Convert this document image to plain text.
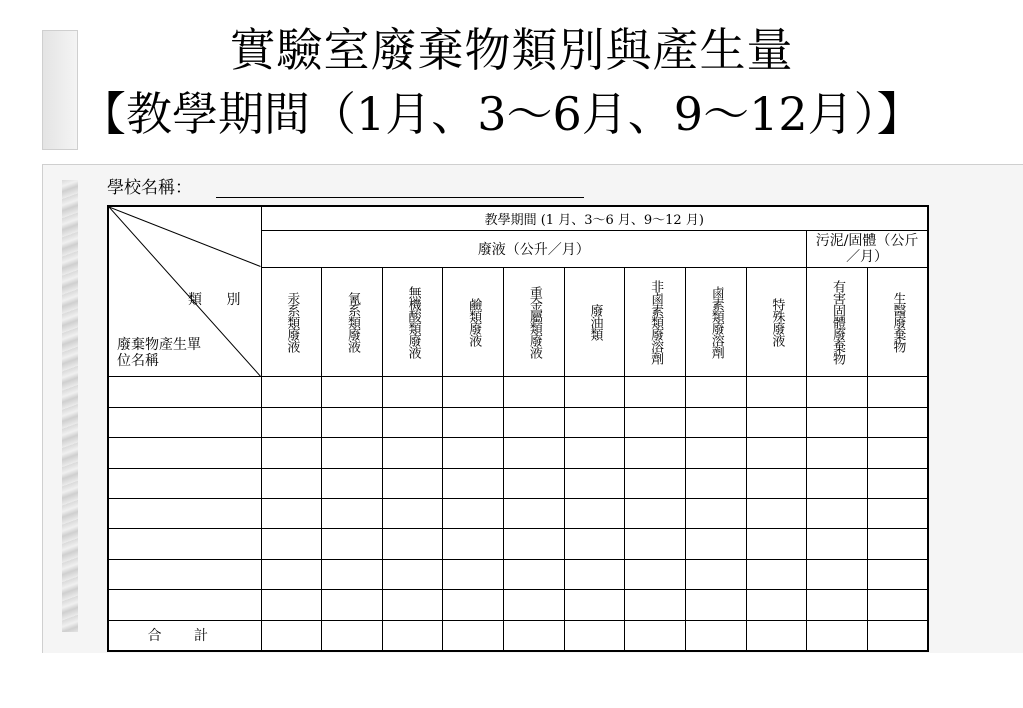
實驗室廢棄物類別與產生量
【教學期間（1月、3～6月、9～12月）】
學校名稱：
類 別
廢棄物產生單位名稱	教學期間 (1 月、3～6 月、9～12 月)										
	廢液（公升／月）									污泥/固體（公斤／月）	
	汞系類廢液	氰系類廢液	無機酸類廢液	鹼類廢液	重金屬類廢液	廢油類	非鹵素類廢溶劑	鹵素類廢溶劑	特殊廢液	有害固體廢棄物	生醫廢棄物

合 計											
